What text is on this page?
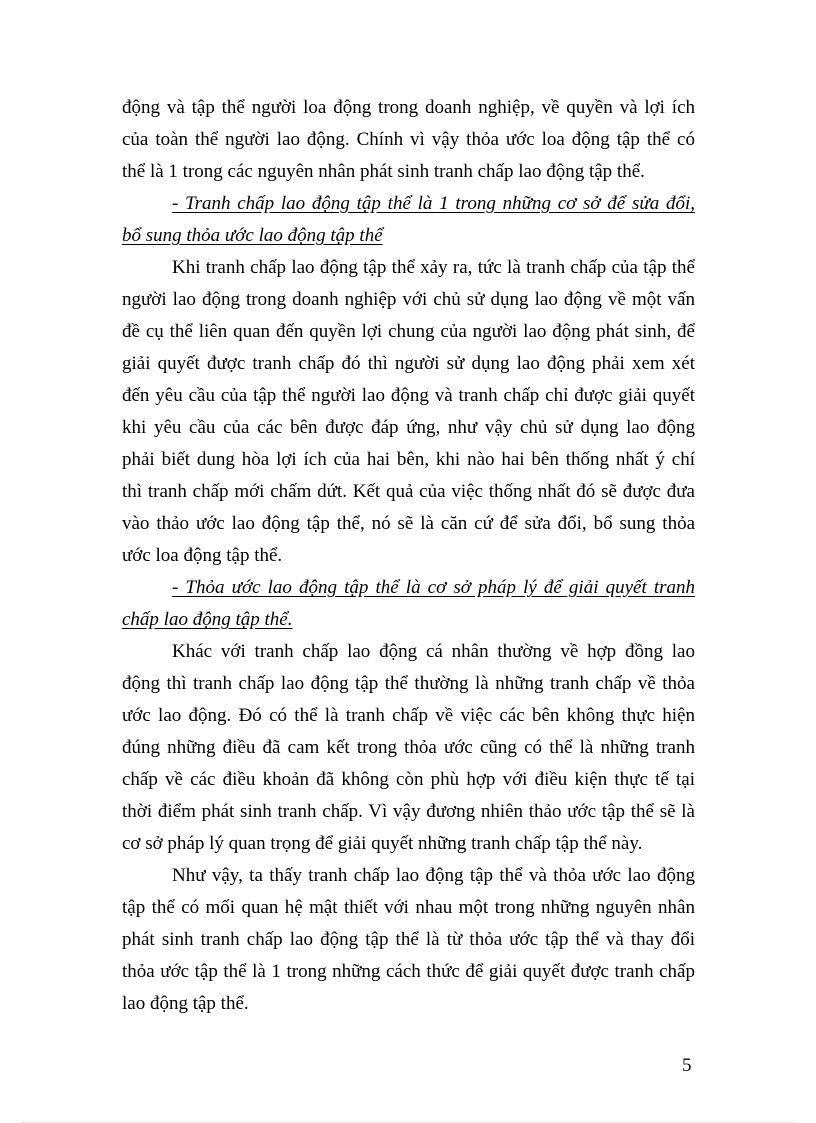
động và tập thể người loa động trong doanh nghiệp, về quyền và lợi ích
của toàn thể người lao động. Chính vì vậy thỏa ước loa động tập thể có
thể là 1 trong các nguyên nhân phát sinh tranh chấp lao động tập thể.
- Tranh chấp lao động tập thể là 1 trong những cơ sở để sửa đổi,
bổ sung thỏa ước lao động tập thể
Khi tranh chấp lao động tập thể xảy ra, tức là tranh chấp của tập thể
người lao động trong doanh nghiệp với chủ sử dụng lao động về một vấn
đề cụ thể liên quan đến quyền lợi chung của người lao động phát sinh, để
giải quyết được tranh chấp đó thì người sử dụng lao động phải xem xét
đến yêu cầu của tập thể người lao động và tranh chấp chỉ được giải quyết
khi yêu cầu của các bên được đáp ứng, như vậy chủ sử dụng lao động
phải biết dung hòa lợi ích của hai bên, khi nào hai bên thống nhất ý chí
thì tranh chấp mới chấm dứt. Kết quả của việc thống nhất đó sẽ được đưa
vào thảo ước lao động tập thể, nó sẽ là căn cứ để sửa đổi, bổ sung thỏa
ước loa động tập thể.
- Thỏa ước lao động tập thể là cơ sở pháp lý để giải quyết tranh
chấp lao động tập thể.
Khác với tranh chấp lao động cá nhân thường về hợp đồng lao
động thì tranh chấp lao động tập thể thường là những tranh chấp về thỏa
ước lao động. Đó có thể là tranh chấp về việc các bên không thực hiện
đúng những điều đã cam kết trong thỏa ước cũng có thể là những tranh
chấp về các điều khoản đã không còn phù hợp với điều kiện thực tế tại
thời điểm phát sinh tranh chấp. Vì vậy đương nhiên thảo ước tập thể sẽ là
cơ sở pháp lý quan trọng để giải quyết những tranh chấp tập thể này.
Như vậy, ta thấy tranh chấp lao động tập thể và thỏa ước lao động
tập thể có mối quan hệ mật thiết với nhau một trong những nguyên nhân
phát sinh tranh chấp lao động tập thể là từ thỏa ước tập thể và thay đổi
thỏa ước tập thể là 1 trong những cách thức để giải quyết được tranh chấp
lao động tập thể.
5
